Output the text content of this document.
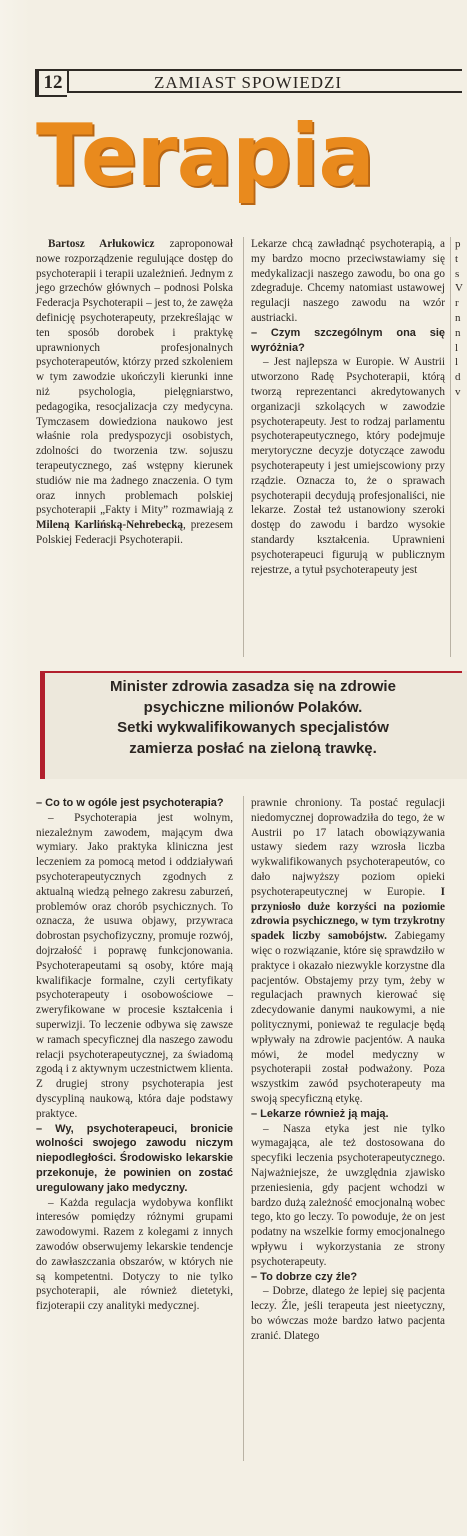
12	ZAMIAST SPOWIEDZI
Terapia

Bartosz Arłukowicz zaproponował nowe rozporządzenie regulujące dostęp do psychoterapii i terapii uzależnień. Jednym z jego grzechów głównych – podnosi Polska Federacja Psychoterapii – jest to, że zawęża definicję psychoterapeuty, przekreślając w ten sposób dorobek i praktykę uprawnionych profesjonalnych psychoterapeutów, którzy przed szkoleniem w tym zawodzie ukończyli kierunki inne niż psychologia, pielęgniarstwo, pedagogika, resocjalizacja czy medycyna. Tymczasem dowiedziona naukowo jest właśnie rola predyspozycji osobistych, zdolności do tworzenia tzw. sojuszu terapeutycznego, zaś wstępny kierunek studiów nie ma żadnego znaczenia. O tym oraz innych problemach polskiej psychoterapii „Fakty i Mity” rozmawiają z Mileną Karlińską-Nehrebecką, prezesem Polskiej Federacji Psychoterapii.

Lekarze chcą zawładnąć psychoterapią, a my bardzo mocno przeciwstawiamy się medykalizacji naszego zawodu, bo ona go zdegraduje. Chcemy natomiast ustawowej regulacji naszego zawodu na wzór austriacki.

– Czym szczególnym ona się wyróżnia?

– Jest najlepsza w Europie. W Austrii utworzono Radę Psychoterapii, którą tworzą reprezentanci akredytowanych organizacji szkolących w zawodzie psychoterapeuty. Jest to rodzaj parlamentu psychoterapeutycznego, który podejmuje merytoryczne decyzje dotyczące zawodu psychoterapeuty i jest umiejscowiony przy rządzie. Oznacza to, że o sprawach psychoterapii decydują profesjonaliści, nie lekarze. Został też ustanowiony szeroki dostęp do zawodu i bardzo wysokie standardy kształcenia. Uprawnieni psychoterapeuci figurują w publicznym rejestrze, a tytuł psychoterapeuty jest

p
t
s
V
r
n
n
l
l
d
v
Minister zdrowia zasadza się na zdrowie
psychiczne milionów Polaków.
Setki wykwalifikowanych specjalistów
zamierza posłać na zieloną trawkę.

– Co to w ogóle jest psychoterapia?

– Psychoterapia jest wolnym, niezależnym zawodem, mającym dwa wymiary. Jako praktyka kliniczna jest leczeniem za pomocą metod i oddziaływań psychoterapeutycznych zgodnych z aktualną wiedzą pełnego zakresu zaburzeń, problemów oraz chorób psychicznych. To oznacza, że usuwa objawy, przywraca dobrostan psychofizyczny, promuje rozwój, dojrzałość i poprawę funkcjonowania. Psychoterapeutami są osoby, które mają kwalifikacje formalne, czyli certyfikaty psychoterapeuty i osobowościowe – zweryfikowane w procesie kształcenia i superwizji. To leczenie odbywa się zawsze w ramach specyficznej dla naszego zawodu relacji psychoterapeutycznej, za świadomą zgodą i z aktywnym uczestnictwem klienta. Z drugiej strony psychoterapia jest dyscypliną naukową, która daje podstawy praktyce.

– Wy, psychoterapeuci, bronicie wolności swojego zawodu niczym niepodległości. Środowisko lekarskie przekonuje, że powinien on zostać uregulowany jako medyczny.

– Każda regulacja wydobywa konflikt interesów pomiędzy różnymi grupami zawodowymi. Razem z kolegami z innych zawodów obserwujemy lekarskie tendencje do zawłaszczania obszarów, w których nie są kompetentni. Dotyczy to nie tylko psychoterapii, ale również dietetyki, fizjoterapii czy analityki medycznej.

prawnie chroniony. Ta postać regulacji niedomycznej doprowadziła do tego, że w Austrii po 17 latach obowiązywania ustawy siedem razy wzrosła liczba wykwalifikowanych psychoterapeutów, co dało najwyższy poziom opieki psychoterapeutycznej w Europie. I przyniosło duże korzyści na poziomie zdrowia psychicznego, w tym trzykrotny spadek liczby samobójstw. Zabiegamy więc o rozwiązanie, które się sprawdziło w praktyce i okazało niezwykle korzystne dla pacjentów. Obstajemy przy tym, żeby w regulacjach prawnych kierować się zdecydowanie danymi naukowymi, a nie politycznymi, ponieważ te regulacje będą wpływały na zdrowie pacjentów. A nauka mówi, że model medyczny w psychoterapii został podważony. Poza wszystkim zawód psychoterapeuty ma swoją specyficzną etykę.

– Lekarze również ją mają.

– Nasza etyka jest nie tylko wymagająca, ale też dostosowana do specyfiki leczenia psychoterapeutycznego. Najważniejsze, że uwzględnia zjawisko przeniesienia, gdy pacjent wchodzi w bardzo dużą zależność emocjonalną wobec tego, kto go leczy. To powoduje, że on jest podatny na wszelkie formy emocjonalnego wpływu i wykorzystania ze strony psychoterapeuty.

– To dobrze czy źle?

– Dobrze, dlatego że lepiej się pacjenta leczy. Źle, jeśli terapeuta jest nieetyczny, bo wówczas może bardzo łatwo pacjenta zranić. Dlatego
